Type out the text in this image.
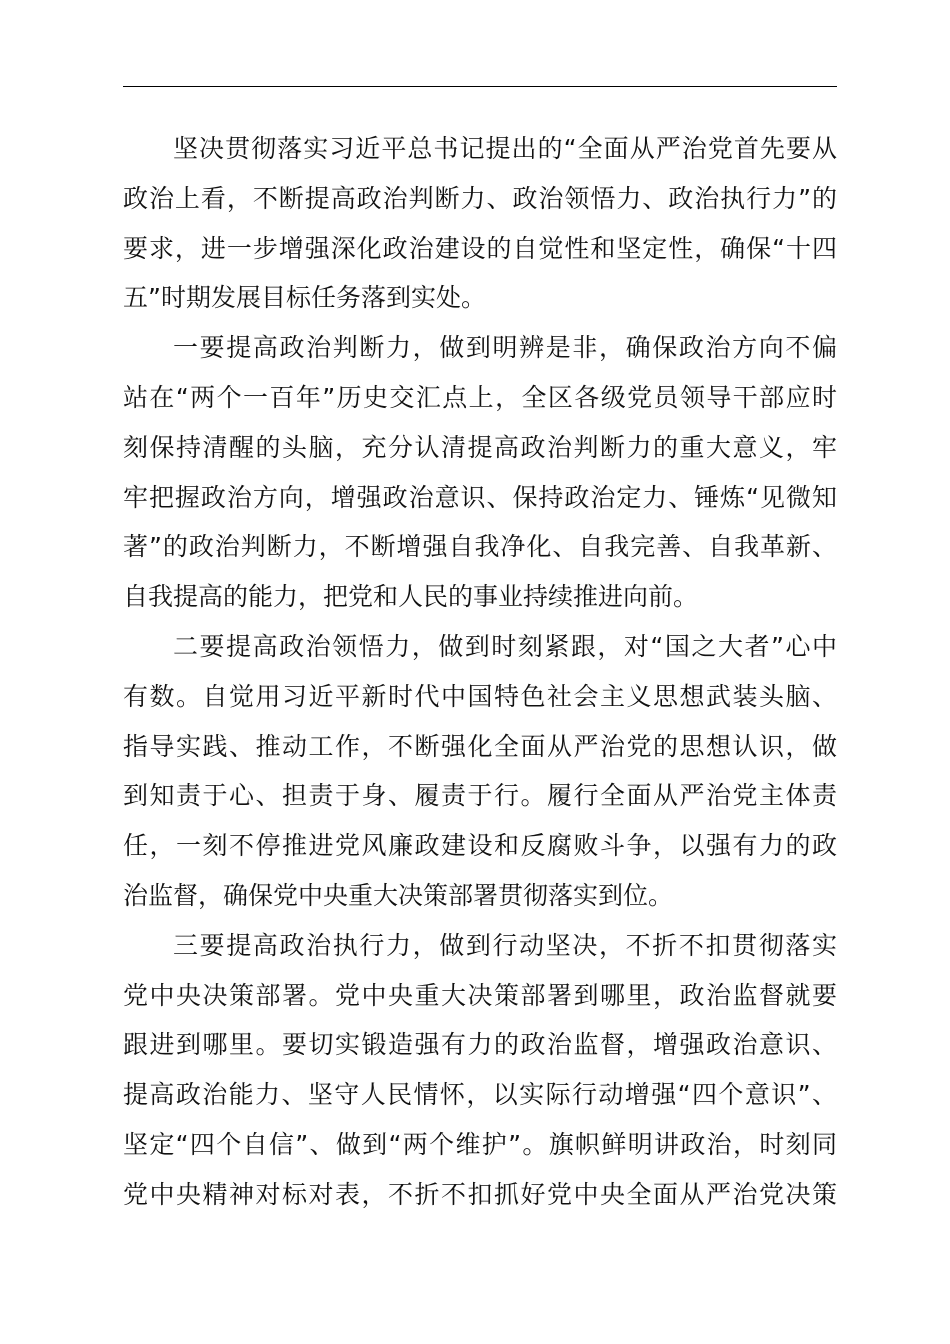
坚决贯彻落实习近平总书记提出的“全面从严治党首先要从
政治上看，不断提高政治判断力、政治领悟力、政治执行力”的
要求，进一步增强深化政治建设的自觉性和坚定性，确保“十四
五”时期发展目标任务落到实处。
一要提高政治判断力，做到明辨是非，确保政治方向不偏
站在“两个一百年”历史交汇点上，全区各级党员领导干部应时
刻保持清醒的头脑，充分认清提高政治判断力的重大意义，牢
牢把握政治方向，增强政治意识、保持政治定力、锤炼“见微知
著”的政治判断力，不断增强自我净化、自我完善、自我革新、
自我提高的能力，把党和人民的事业持续推进向前。
二要提高政治领悟力，做到时刻紧跟，对“国之大者”心中
有数。自觉用习近平新时代中国特色社会主义思想武装头脑、
指导实践、推动工作，不断强化全面从严治党的思想认识，做
到知责于心、担责于身、履责于行。履行全面从严治党主体责
任，一刻不停推进党风廉政建设和反腐败斗争，以强有力的政
治监督，确保党中央重大决策部署贯彻落实到位。
三要提高政治执行力，做到行动坚决，不折不扣贯彻落实
党中央决策部署。党中央重大决策部署到哪里，政治监督就要
跟进到哪里。要切实锻造强有力的政治监督，增强政治意识、
提高政治能力、坚守人民情怀，以实际行动增强“四个意识”、
坚定“四个自信”、做到“两个维护”。旗帜鲜明讲政治，时刻同
党中央精神对标对表，不折不扣抓好党中央全面从严治党决策
